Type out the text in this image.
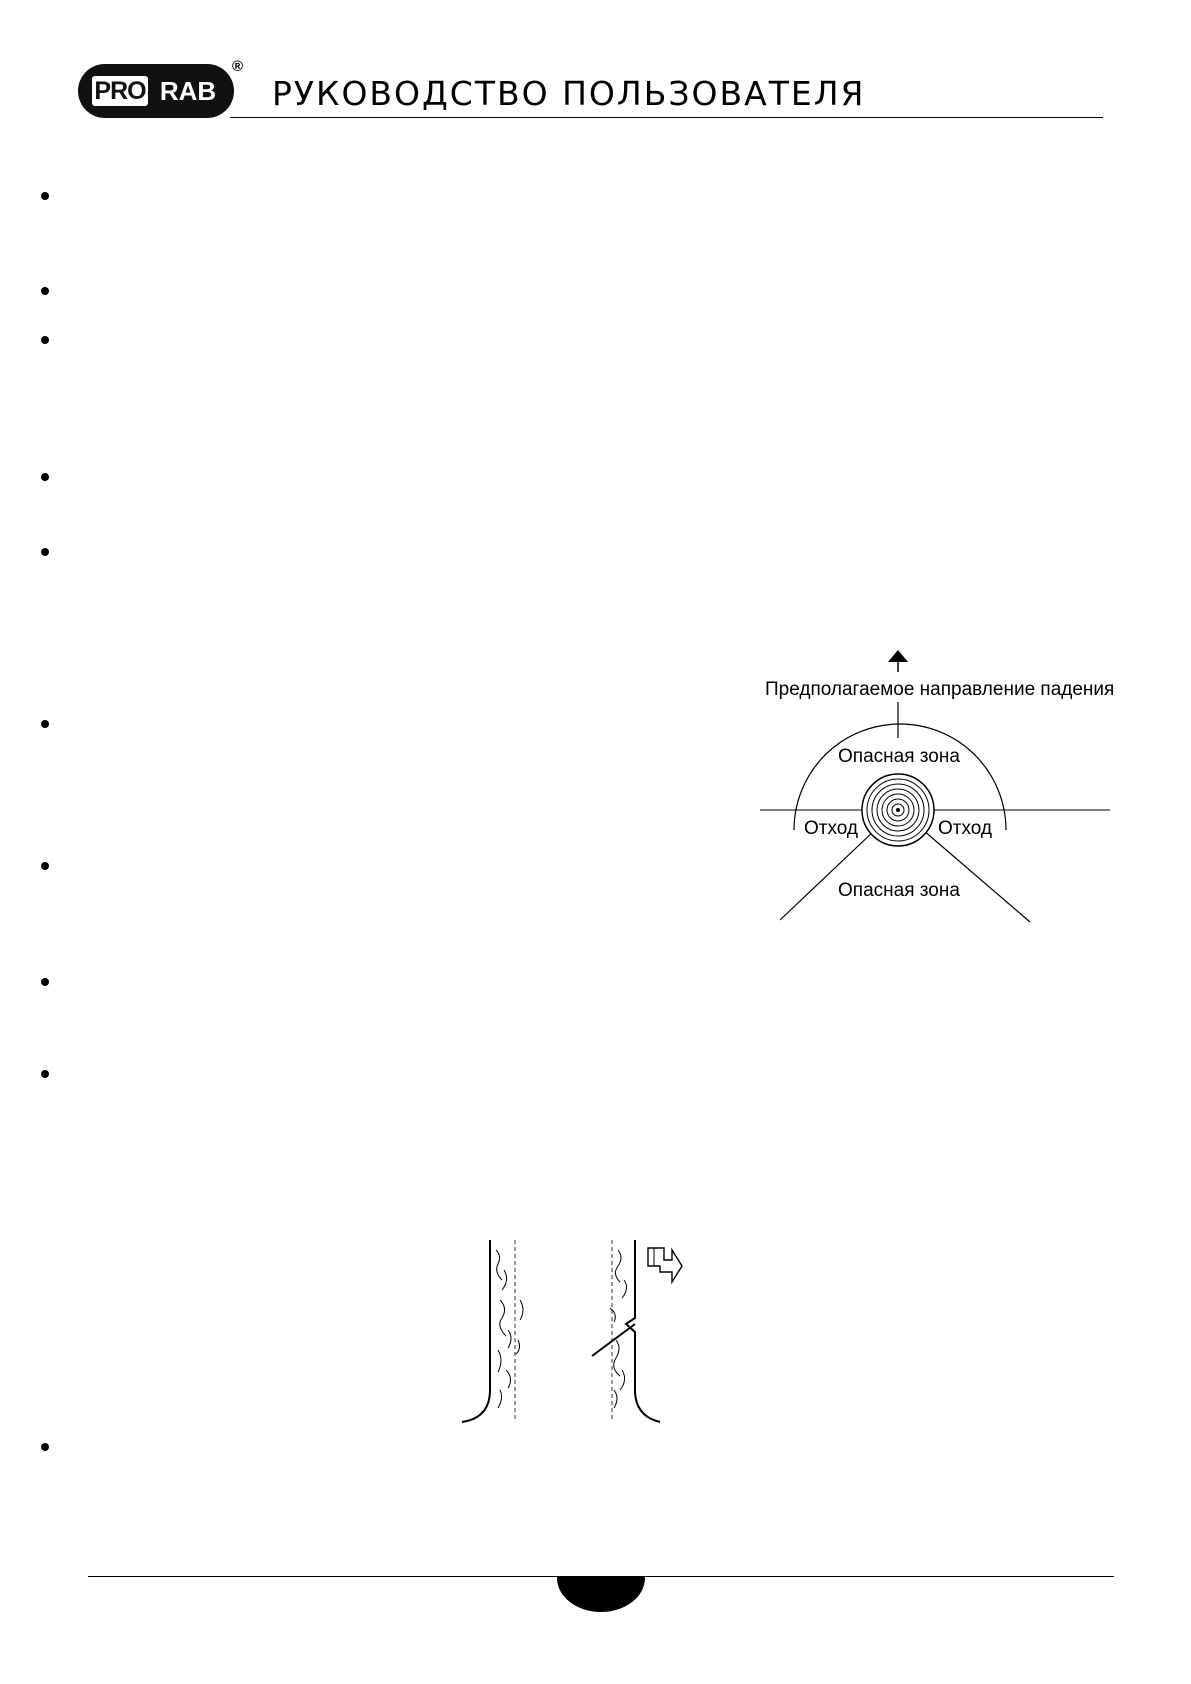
PRO RAB
®
РУКОВОДСТВО ПОЛЬЗОВАТЕЛЯ
Предполагаемое направление падения
Опасная зона
Отход	Отход
Опасная зона
